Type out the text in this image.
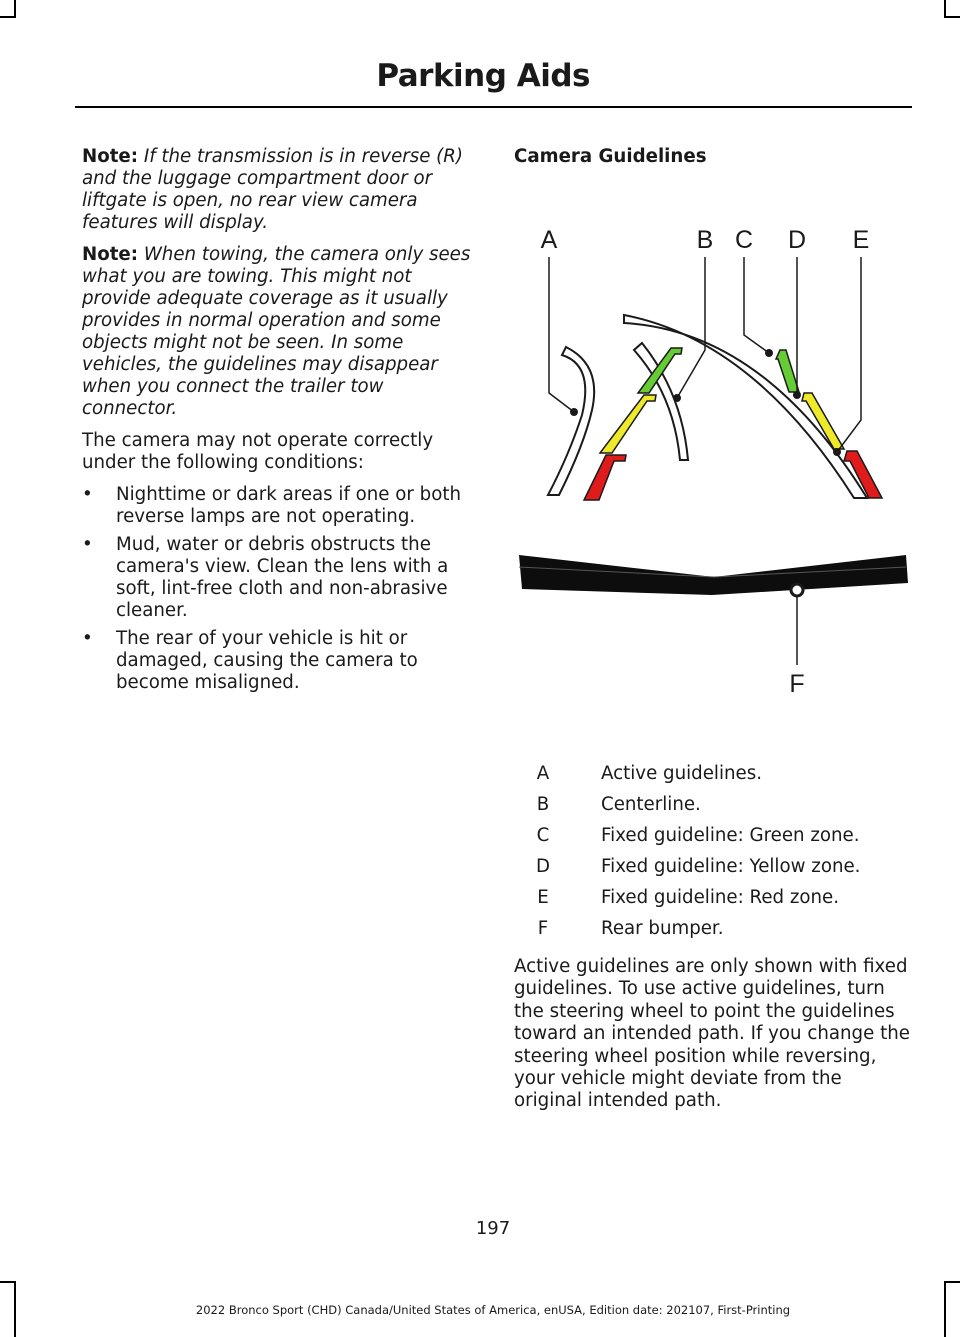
Parking Aids

Note: If the transmission is in reverse (R) and the luggage compartment door or liftgate is open, no rear view camera features will display.

Note: When towing, the camera only sees what you are towing. This might not provide adequate coverage as it usually provides in normal operation and some objects might not be seen. In some vehicles, the guidelines may disappear when you connect the trailer tow connector.

The camera may not operate correctly under the following conditions:

• Nighttime or dark areas if one or both reverse lamps are not operating.
• Mud, water or debris obstructs the camera's view. Clean the lens with a soft, lint-free cloth and non-abrasive cleaner.
• The rear of your vehicle is hit or damaged, causing the camera to become misaligned.

Camera Guidelines

A	B C D E
F
A	Active guidelines.
B	Centerline.
C	Fixed guideline: Green zone.
D	Fixed guideline: Yellow zone.
E	Fixed guideline: Red zone.
F	Rear bumper.

Active guidelines are only shown with fixed guidelines. To use active guidelines, turn the steering wheel to point the guidelines toward an intended path. If you change the steering wheel position while reversing, your vehicle might deviate from the original intended path.

197
2022 Bronco Sport (CHD) Canada/United States of America, enUSA, Edition date: 202107, First-Printing
